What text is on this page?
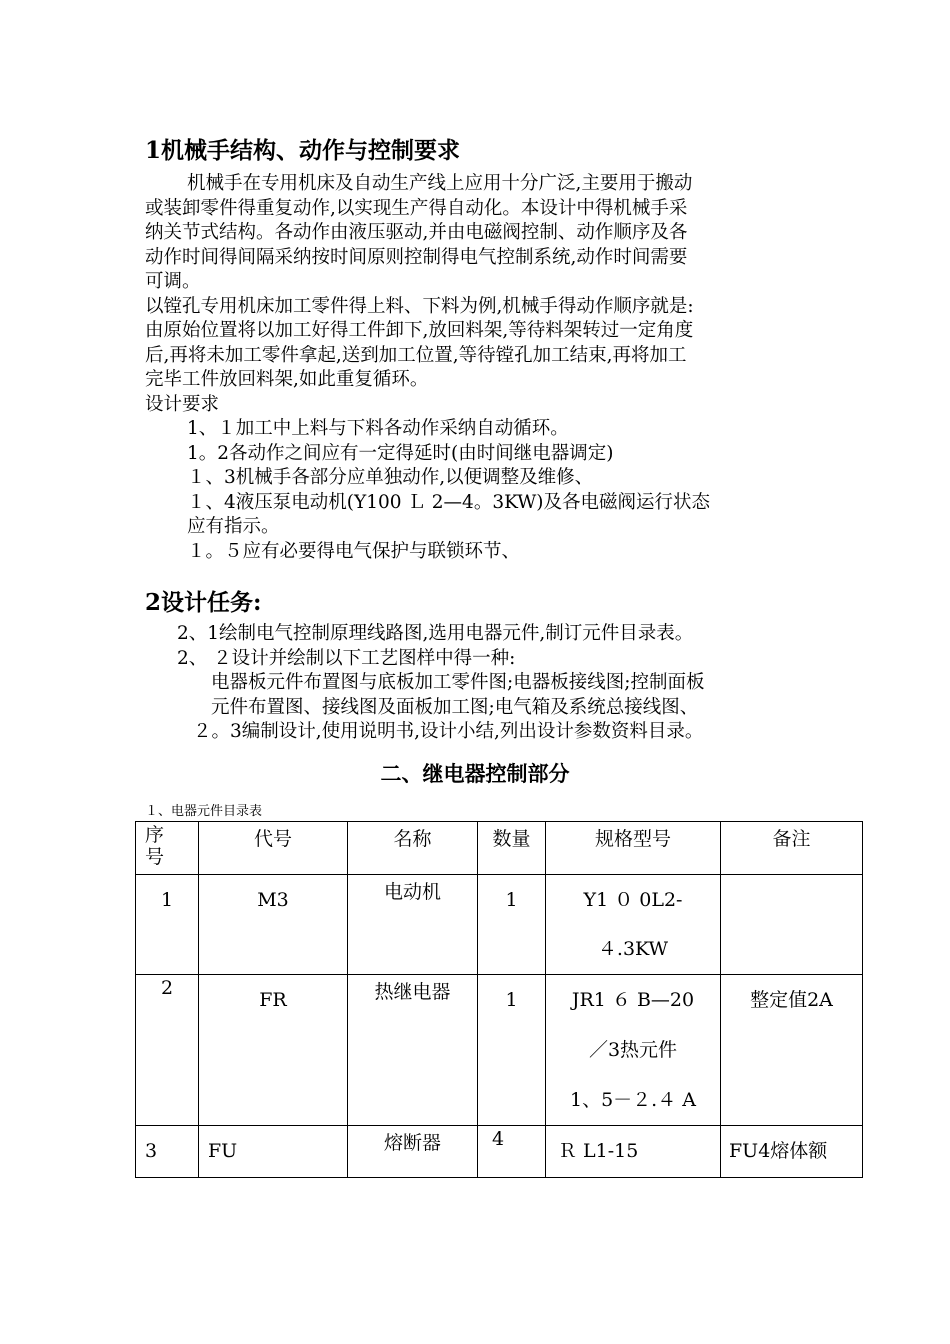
1机械手结构、动作与控制要求
机械手在专用机床及自动生产线上应用十分广泛,主要用于搬动
或装卸零件得重复动作,以实现生产得自动化。本设计中得机械手采
纳关节式结构。各动作由液压驱动,并由电磁阀控制、动作顺序及各
动作时间得间隔采纳按时间原则控制得电气控制系统,动作时间需要
可调。
以镗孔专用机床加工零件得上料、下料为例,机械手得动作顺序就是:
由原始位置将以加工好得工件卸下,放回料架,等待料架转过一定角度
后,再将未加工零件拿起,送到加工位置,等待镗孔加工结束,再将加工
完毕工件放回料架,如此重复循环。
设计要求
1、１加工中上料与下料各动作采纳自动循环。
1。2各动作之间应有一定得延时(由时间继电器调定)
１、3机械手各部分应单独动作,以便调整及维修、
１、4液压泵电动机(Y100 Ｌ 2—4。3KW)及各电磁阀运行状态
应有指示。
１。５应有必要得电气保护与联锁环节、
2设计任务:
2、1绘制电气控制原理线路图,选用电器元件,制订元件目录表。
2、 ２设计并绘制以下工艺图样中得一种:
电器板元件布置图与底板加工零件图;电器板接线图;控制面板
元件布置图、接线图及面板加工图;电气箱及系统总接线图、
２。3编制设计,使用说明书,设计小结,列出设计参数资料目录。
二、继电器控制部分
１、电器元件目录表
序号	代号	名称	数量	规格型号	备注
1	M3	电动机	1	Y1 ０ 0L2-
４.3KW	

2	FR	热继电器	1	JR1 ６ B—20
／3热元件
1、5－２.４ A	整定值2A
3	FU	熔断器	4	Ｒ L1-15	FU4熔体额
